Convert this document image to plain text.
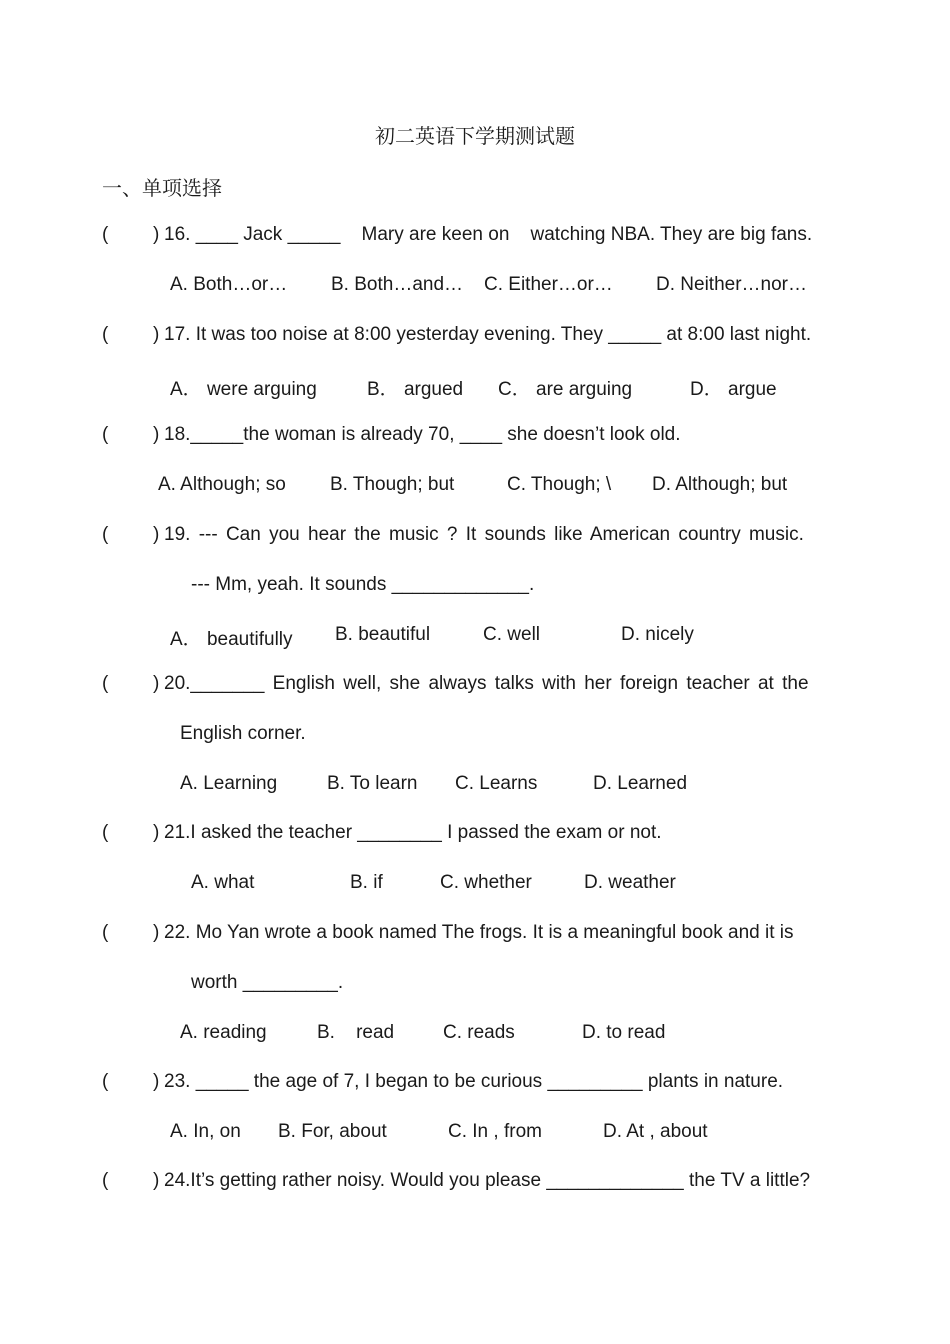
初二英语下学期测试题
一、单项选择
( ) 16. ____ Jack _____    Mary are keen on    watching NBA. They are big fans.
A. Both…or… B. Both…and… C. Either…or… D. Neither…nor…
( ) 17. It was too noise at 8:00 yesterday evening. They _____ at 8:00 last night.
A． were arguing	B． argued C． are arguing	D． argue
( ) 18._____the woman is already 70, ____ she doesn’t look old.
A. Although; so B. Though; but	C. Though; \ D. Although; but
( ) 19. --- Can you hear the music ? It sounds like American country music.
--- Mm, yeah. It sounds _____________.
A． beautifully B. beautiful	C. well	D. nicely
( ) 20._______ English well, she always talks with her foreign teacher at the
English corner.
A. Learning	B. To learn C. Learns	D. Learned
( ) 21.I asked the teacher ________ I passed the exam or not.
A. what	B. if	C. whether	D. weather
( ) 22. Mo Yan wrote a book named The frogs. It is a meaningful book and it is
worth _________.
A. reading	B.    read	C. reads	D. to read
( ) 23. _____ the age of 7, I began to be curious _________ plants in nature.
A. In, on B. For, about	C. In , from	D. At , about
( ) 24.It’s getting rather noisy. Would you please _____________ the TV a little?
